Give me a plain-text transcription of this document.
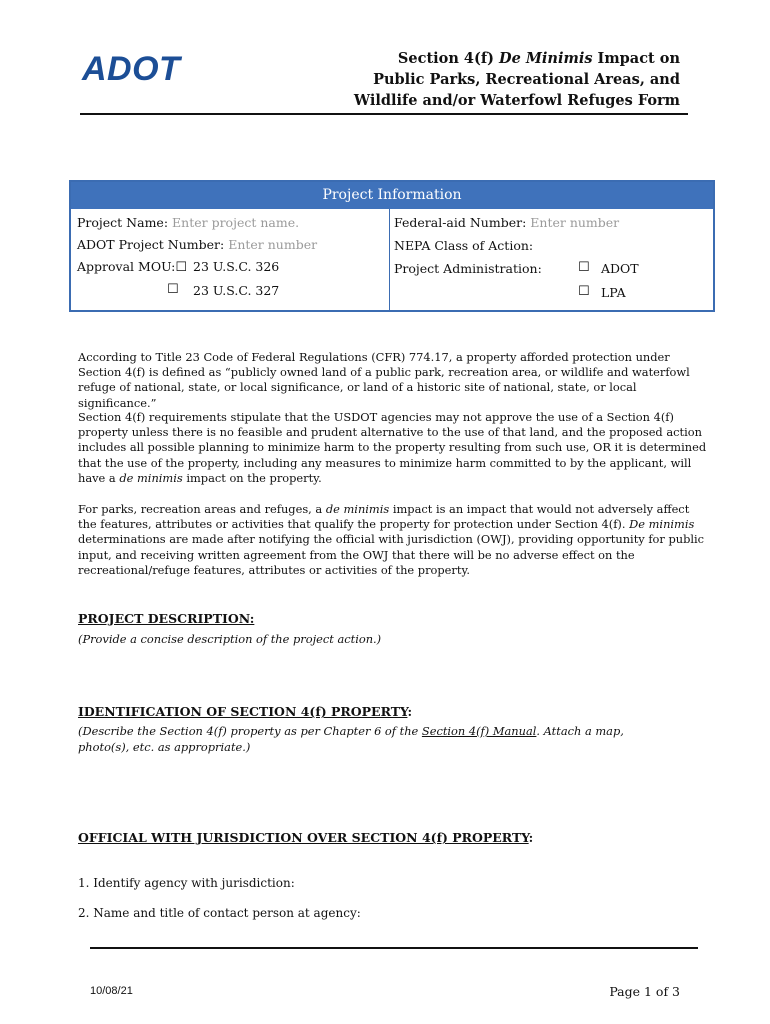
ADOT	Section 4(f) De Minimis Impact on
Public Parks, Recreational Areas, and
Wildlife and/or Waterfowl Refuges Form
Project Information
Project Name: Enter project name.
ADOT Project Number: Enter number
Approval MOU:☐ 23 U.S.C. 326
☐ 23 U.S.C. 327
Federal-aid Number: Enter number
NEPA Class of Action:
Project Administration:	☐ ADOT
☐ LPA
According to Title 23 Code of Federal Regulations (CFR) 774.17, a property afforded protection under Section 4(f) is defined as “publicly owned land of a public park, recreation area, or wildlife and waterfowl refuge of national, state, or local significance, or land of a historic site of national, state, or local significance.”
Section 4(f) requirements stipulate that the USDOT agencies may not approve the use of a Section 4(f) property unless there is no feasible and prudent alternative to the use of that land, and the proposed action includes all possible planning to minimize harm to the property resulting from such use, OR it is determined that the use of the property, including any measures to minimize harm committed to by the applicant, will have a de minimis impact on the property.
For parks, recreation areas and refuges, a de minimis impact is an impact that would not adversely affect the features, attributes or activities that qualify the property for protection under Section 4(f). De minimis determinations are made after notifying the official with jurisdiction (OWJ), providing opportunity for public input, and receiving written agreement from the OWJ that there will be no adverse effect on the recreational/refuge features, attributes or activities of the property.
PROJECT DESCRIPTION:
(Provide a concise description of the project action.)
IDENTIFICATION OF SECTION 4(f) PROPERTY:
(Describe the Section 4(f) property as per Chapter 6 of the Section 4(f) Manual. Attach a map, photo(s), etc. as appropriate.)
OFFICIAL WITH JURISDICTION OVER SECTION 4(f) PROPERTY:
1. Identify agency with jurisdiction:
2. Name and title of contact person at agency:
10/08/21	Page 1 of 3
